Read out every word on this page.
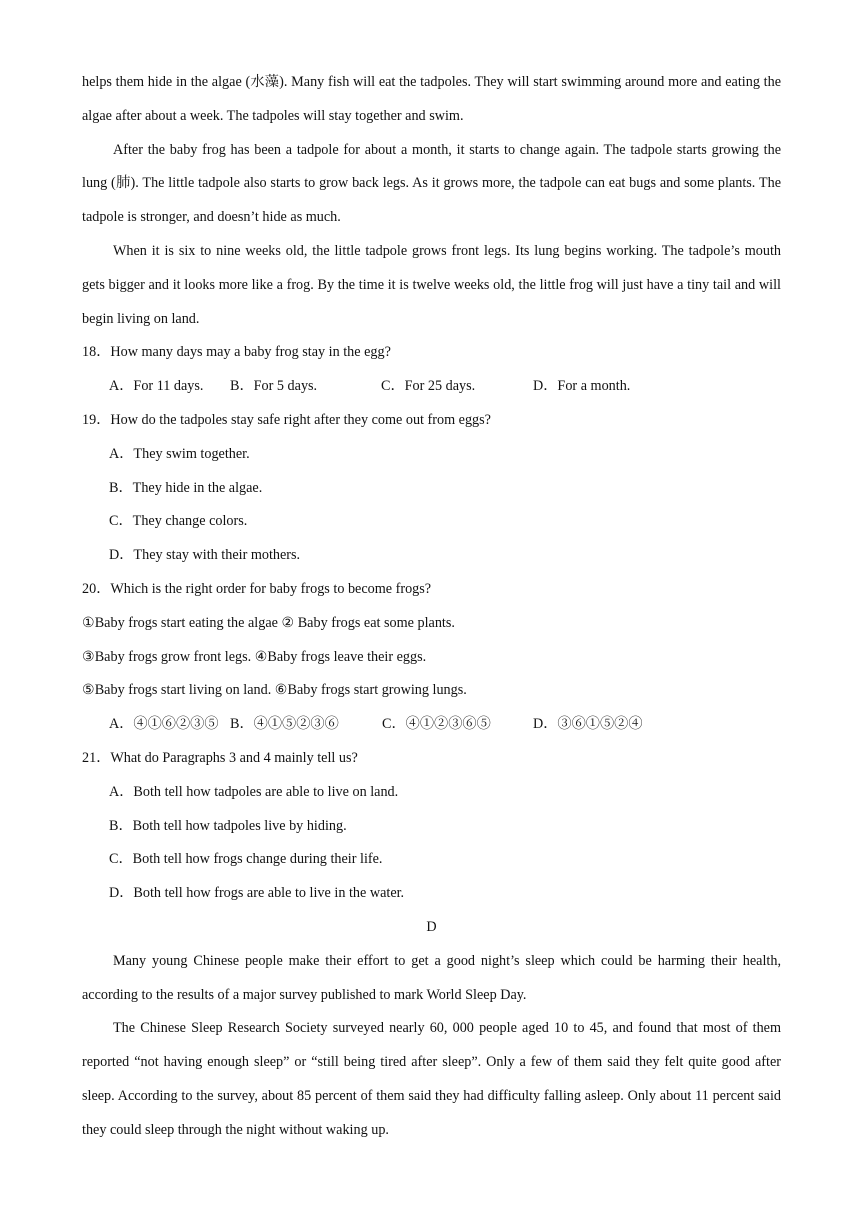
helps them hide in the algae (水藻). Many fish will eat the tadpoles. They will start swimming around more and eating the algae after about a week. The tadpoles will stay together and swim.

After the baby frog has been a tadpole for about a month, it starts to change again. The tadpole starts growing the lung (肺). The little tadpole also starts to grow back legs. As it grows more, the tadpole can eat bugs and some plants. The tadpole is stronger, and doesn’t hide as much.

When it is six to nine weeks old, the little tadpole grows front legs. Its lung begins working. The tadpole’s mouth gets bigger and it looks more like a frog. By the time it is twelve weeks old, the little frog will just have a tiny tail and will begin living on land.

18．How many days may a baby frog stay in the egg?

A．For 11 days. B．For 5 days.	C．For 25 days.	D．For a month.

19．How do the tadpoles stay safe right after they come out from eggs?

A．They swim together.

B．They hide in the algae.

C．They change colors.

D．They stay with their mothers.

20．Which is the right order for baby frogs to become frogs?

①Baby frogs start eating the algae ② Baby frogs eat some plants.

③Baby frogs grow front legs. ④Baby frogs leave their eggs.

⑤Baby frogs start living on land. ⑥Baby frogs start growing lungs.

A．④①⑥②③⑤ B．④①⑤②③⑥	C．④①②③⑥⑤	D．③⑥①⑤②④

21．What do Paragraphs 3 and 4 mainly tell us?

A．Both tell how tadpoles are able to live on land.

B．Both tell how tadpoles live by hiding.

C．Both tell how frogs change during their life.

D．Both tell how frogs are able to live in the water.

D

Many young Chinese people make their effort to get a good night’s sleep which could be harming their health, according to the results of a major survey published to mark World Sleep Day.

The Chinese Sleep Research Society surveyed nearly 60, 000 people aged 10 to 45, and found that most of them reported “not having enough sleep” or “still being tired after sleep”. Only a few of them said they felt quite good after sleep. According to the survey, about 85 percent of them said they had difficulty falling asleep. Only about 11 percent said they could sleep through the night without waking up.
